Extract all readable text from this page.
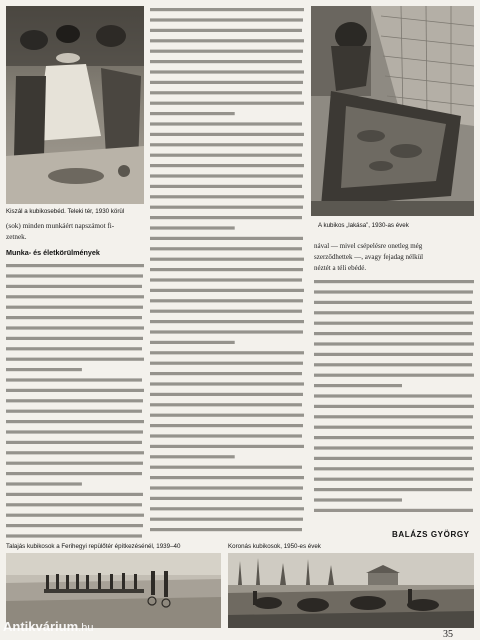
Kiszál a kubikosebéd. Teleki tér, 1930 körül
A kubikos „lakása”, 1930-as évek
(sok) minden munkáért napszámot fi-
zetnek.
Munka- és életkörülmények
nával — mivel csépelésre onetleg még
szerződhettek —, avagy fejadag nélkül
néztét a téli ebédé.
BALÁZS GYÖRGY
Talajás kubikosok a Ferihegyi repülőtér építkezésénél, 1939–40	Koronás kubikosok, 1950-es évek
35
Antikvárium.hu
